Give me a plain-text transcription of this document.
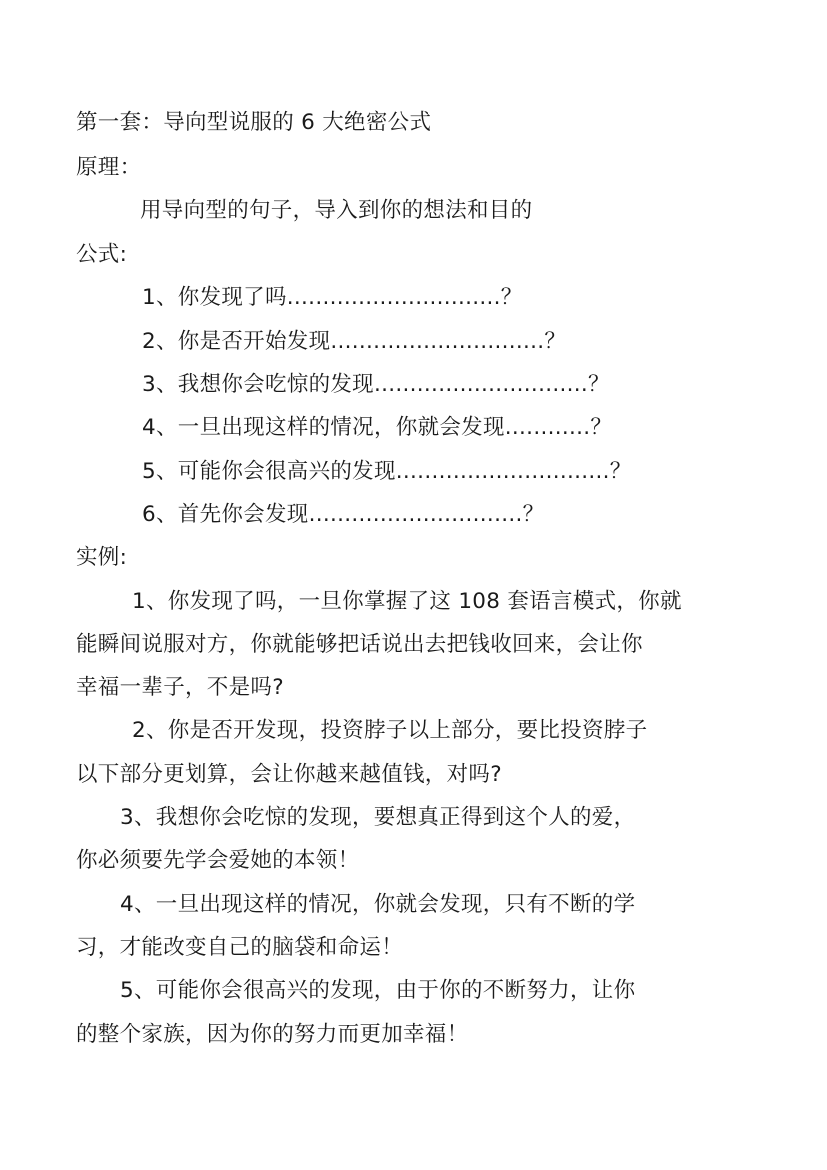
第一套：导向型说服的 6 大绝密公式
原理：
用导向型的句子，导入到你的想法和目的
公式:
1、你发现了吗..............................？
2、你是否开始发现..............................？
3、我想你会吃惊的发现..............................？
4、一旦出现这样的情况，你就会发现............？
5、可能你会很高兴的发现..............................？
6、首先你会发现..............................？
实例:
1、你发现了吗，一旦你掌握了这 108 套语言模式，你就
能瞬间说服对方，你就能够把话说出去把钱收回来，会让你
幸福一辈子，不是吗?
2、你是否开发现，投资脖子以上部分，要比投资脖子
以下部分更划算，会让你越来越值钱，对吗?
3、我想你会吃惊的发现，要想真正得到这个人的爱，
你必须要先学会爱她的本领！
4、一旦出现这样的情况，你就会发现，只有不断的学
习，才能改变自己的脑袋和命运！
5、可能你会很高兴的发现，由于你的不断努力，让你
的整个家族，因为你的努力而更加幸福！
